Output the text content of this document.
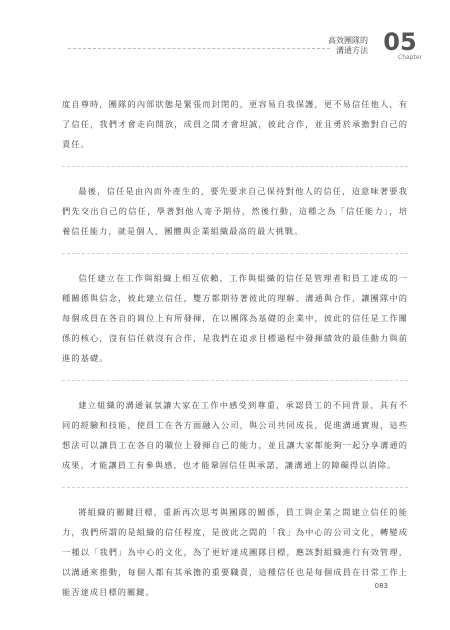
高效團隊的
溝通方法 05
Chapter

度自尊時，團隊的內部狀態是緊張而封閉的，更容易自我保護，更不易信任他人，有了信任，我們才會走向開放，成員之間才會坦誠，彼此合作，並且勇於承擔對自己的責任。

最後，信任是由內而外產生的，要先要求自己保持對他人的信任，這意味著要我們先交出自己的信任，學著對他人寄予期待，然後行動，這種之為「信任能力」，培養信任能力，就是個人、團體與企業組織最高的最大挑戰。

信任建立在工作與組織上相互依賴，工作與組織的信任是管理者和員工達成的一種關係與信念，彼此建立信任，雙方都期待著彼此的理解、溝通與合作，讓團隊中的每個成員在各自的崗位上有所發揮，在以團隊為基礎的企業中，彼此的信任是工作關係的核心，沒有信任就沒有合作，是我們在追求目標過程中發揮績效的最佳動力與前進的基礎。

建立組織的溝通氣氛讓大家在工作中感受到尊重，承認員工的不同背景，具有不同的經驗和技能，使員工在各方面融入公司，與公司共同成長，促進溝通實現，這些想法可以讓員工在各自的職位上發揮自己的能力，並且讓大家都能夠一起分享溝通的成果，才能讓員工有參與感，也才能鞏固信任與承諾，讓溝通上的障礙得以消除。

將組織的關鍵目標，重新再次思考與團隊的關係，員工與企業之間建立信任的能力，我們所謂的是組織的信任程度，是彼此之間的「我」為中心的公司文化，轉變成一種以「我們」為中心的文化，為了更好達成團隊目標，應該對組織進行有效管理，以溝通來推動，每個人都有其承擔的重要職責，這種信任也是每個成員在日常工作上能否達成目標的關鍵。

083
